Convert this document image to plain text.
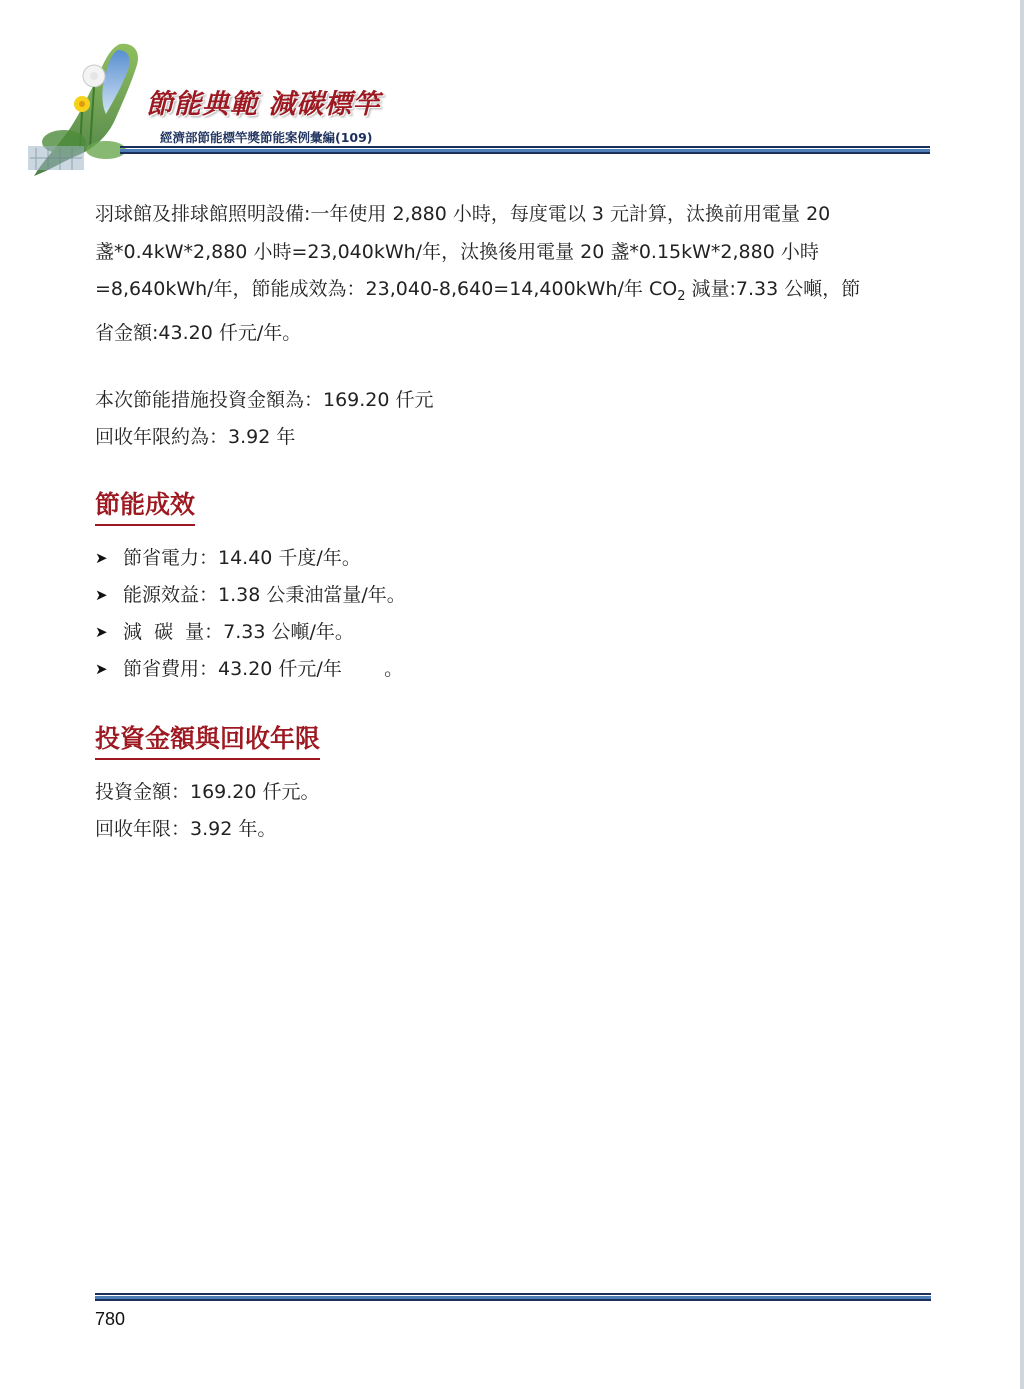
節能典範 減碳標竿
經濟部節能標竿獎節能案例彙編(109)

羽球館及排球館照明設備:一年使用 2,880 小時，每度電以 3 元計算，汰換前用電量 20
盞*0.4kW*2,880 小時=23,040kWh/年，汰換後用電量 20 盞*0.15kW*2,880 小時
=8,640kWh/年，節能成效為：23,040-8,640=14,400kWh/年 $CO_2$ 減量:7.33 公噸，節
省金額:43.20 仟元/年。

本次節能措施投資金額為：169.20 仟元
回收年限約為：3.92 年
節能成效
➤ 節省電力：14.40 千度/年。
➤ 能源效益：1.38 公秉油當量/年。
➤ 減  碳  量：7.33 公噸/年。
➤ 節省費用：43.20 仟元/年       。
投資金額與回收年限
投資金額：169.20 仟元。
回收年限：3.92 年。
780
